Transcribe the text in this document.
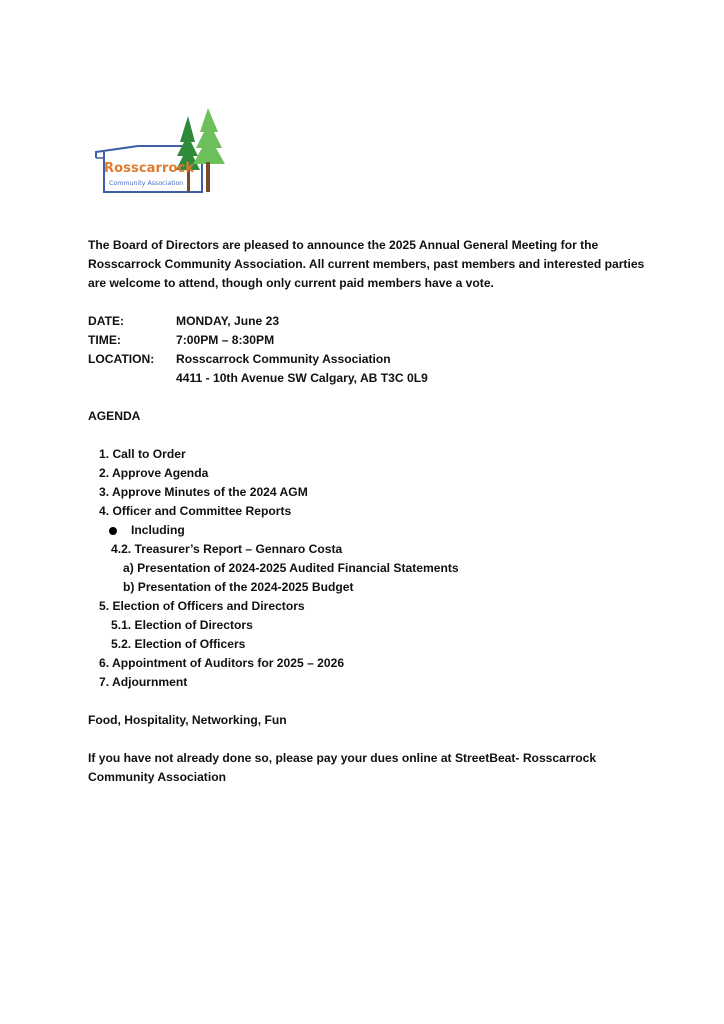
Rosscarrock
Community Association

The Board of Directors are pleased to announce the 2025 Annual General Meeting for the Rosscarrock Community Association. All current members, past members and interested parties are welcome to attend, though only current paid members have a vote.

DATE:	MONDAY, June 23
TIME:	7:00PM – 8:30PM
LOCATION:	Rosscarrock Community Association
4411 - 10th Avenue SW Calgary, AB T3C 0L9
AGENDA
1. Call to Order
2. Approve Agenda
3. Approve Minutes of the 2024 AGM
4. Officer and Committee Reports
Including
4.2. Treasurer’s Report – Gennaro Costa
a) Presentation of 2024-2025 Audited Financial Statements
b) Presentation of the 2024-2025 Budget
5. Election of Officers and Directors
5.1. Election of Directors
5.2. Election of Officers
6. Appointment of Auditors for 2025 – 2026
7. Adjournment

Food, Hospitality, Networking, Fun

If you have not already done so, please pay your dues online at StreetBeat- Rosscarrock Community Association
